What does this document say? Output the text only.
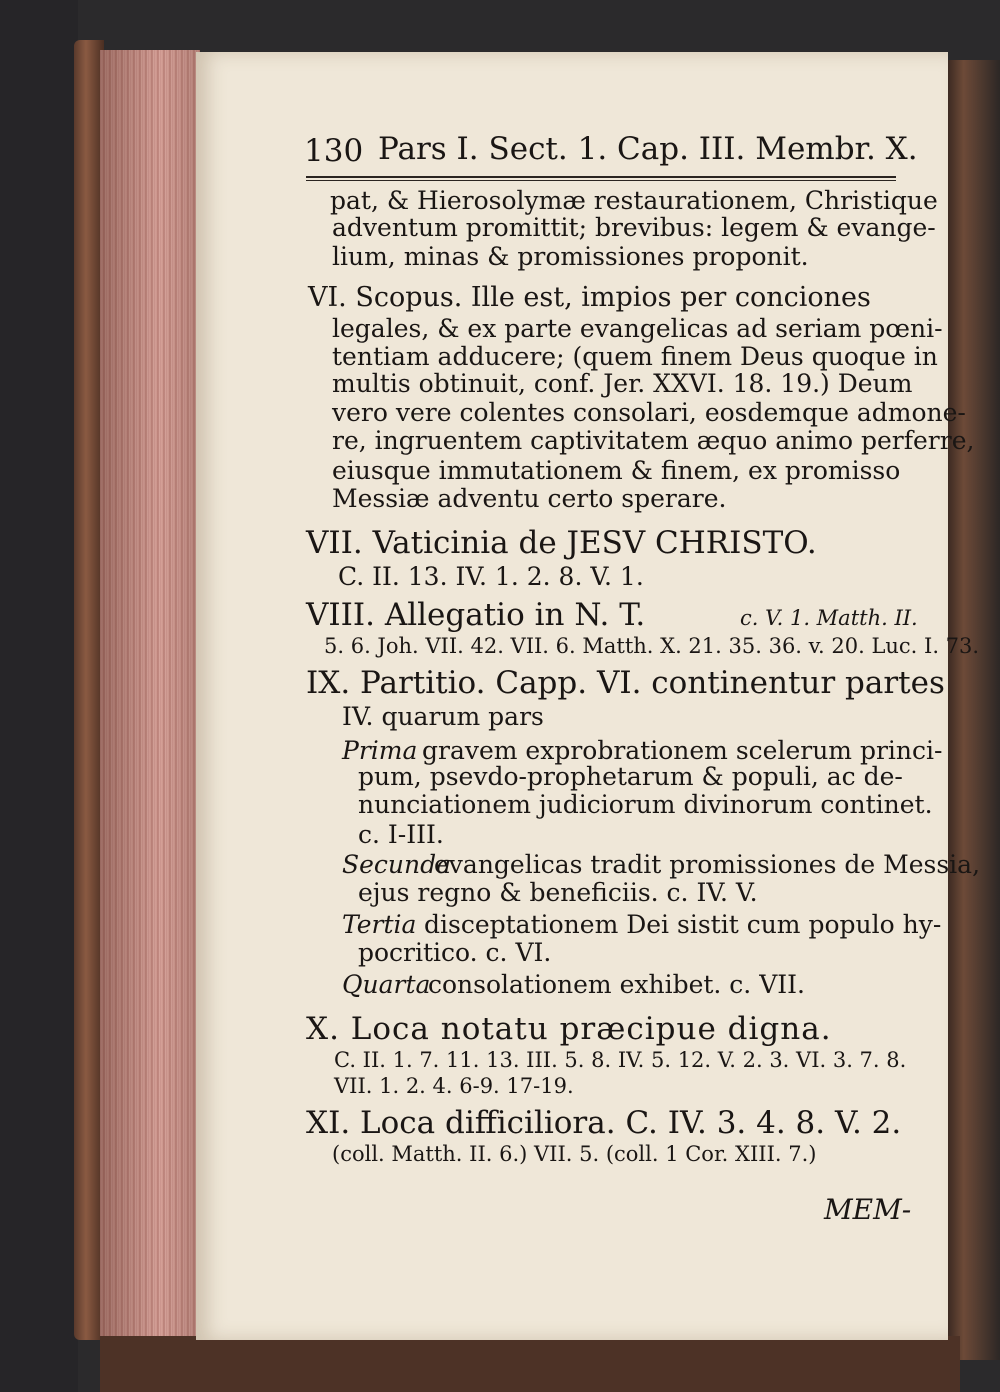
130 Pars I. Sect. 1. Cap. III. Membr. X.
pat, & Hierosolymæ restaurationem, Christique
adventum promittit; brevibus: legem & evange-
lium, minas & promissiones proponit.
VI. Scopus. Ille est, impios per conciones
legales, & ex parte evangelicas ad seriam pœni-
tentiam adducere; (quem finem Deus quoque in
multis obtinuit, conf. Jer. XXVI. 18. 19.) Deum
vero vere colentes consolari, eosdemque admone-
re, ingruentem captivitatem æquo animo perferre,
eiusque immutationem & finem, ex promisso
Messiæ adventu certo sperare.
VII. Vaticinia de JESV CHRISTO.
C. II. 13. IV. 1. 2. 8. V. 1.
VIII. Allegatio in N. T.	c. V. 1. Matth. II.
5. 6. Joh. VII. 42. VII. 6. Matth. X. 21. 35. 36. v. 20. Luc. I. 73.
IX. Partitio. Capp. VI. continentur partes
IV. quarum pars
Prima gravem exprobrationem scelerum princi-
pum, psevdo-prophetarum & populi, ac de-
nunciationem judiciorum divinorum continet.
c. I-III.
Secunda
evangelicas tradit promissiones de Messia,
ejus regno & beneficiis. c. IV. V.
Tertia disceptationem Dei sistit cum populo hy-
pocritico. c. VI.
Quarta
consolationem exhibet. c. VII.
X. Loca notatu præcipue digna.
C. II. 1. 7. 11. 13. III. 5. 8. IV. 5. 12. V. 2. 3. VI. 3. 7. 8.
VII. 1. 2. 4. 6-9. 17-19.
XI. Loca difficiliora. C. IV. 3. 4. 8. V. 2.
(coll. Matth. II. 6.) VII. 5. (coll. 1 Cor. XIII. 7.)
MEM-
